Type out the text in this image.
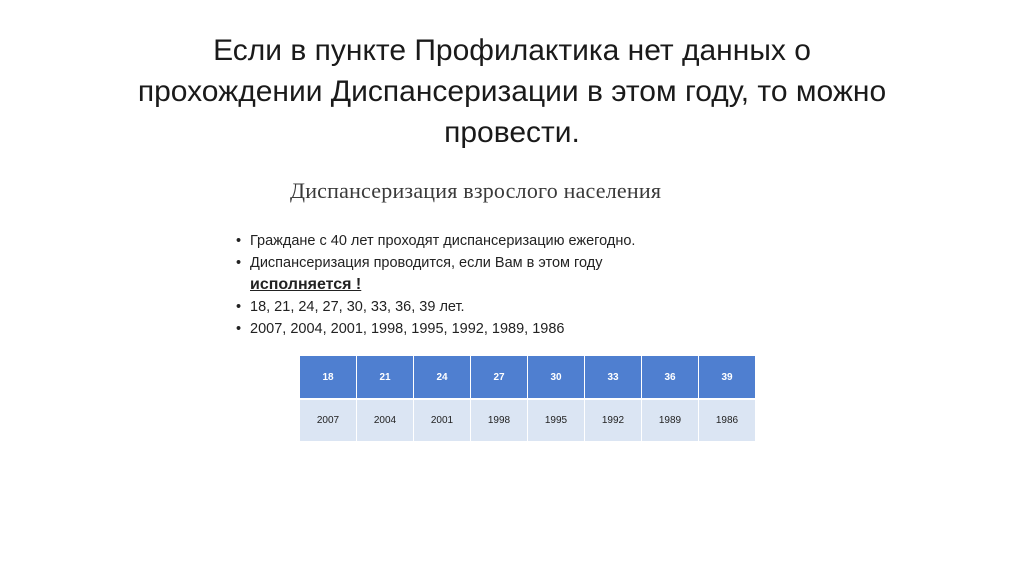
Если в пункте Профилактика нет данных о
прохождении Диспансеризации в этом году, то можно
провести.
Диспансеризация взрослого населения
• Граждане с 40 лет проходят диспансеризацию ежегодно.
• Диспансеризация проводится, если Вам в этом году
исполняется !
• 18, 21, 24, 27, 30, 33, 36, 39 лет.
• 2007, 2004, 2001, 1998, 1995, 1992, 1989, 1986
18	21	24	27	30	33	36	39
2007	2004	2001	1998	1995	1992	1989	1986
